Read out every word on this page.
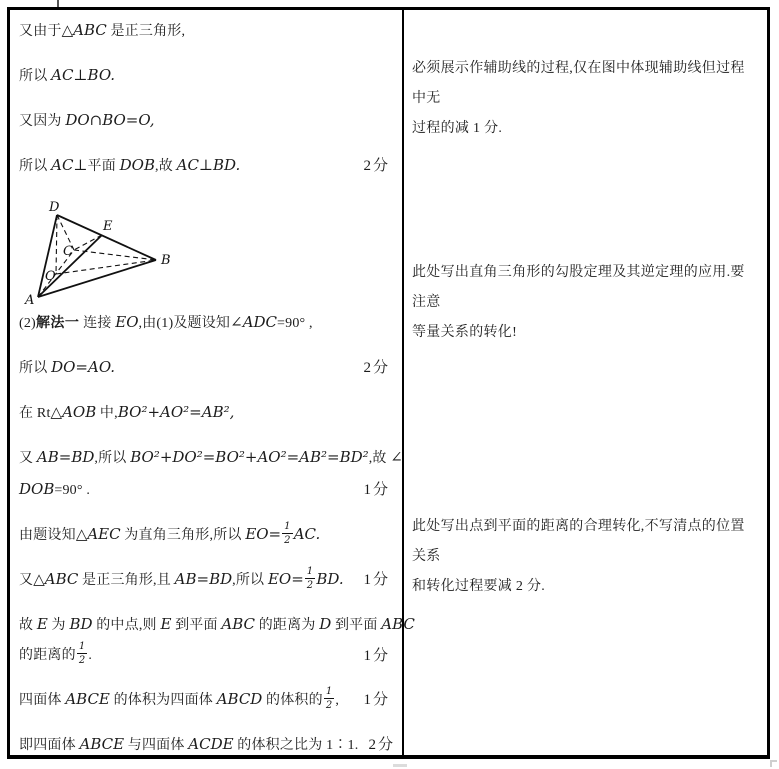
又由于△ABC 是正三角形,
所以 AC⊥BO.
又因为 DO∩BO=O,
所以 AC⊥平面 DOB,故 AC⊥BD.	2分
D
E
B
A
C
O
(2)解法一 连接 EO,由(1)及题设知∠ADC=90° ,
所以 DO=AO.	2分
在 Rt△AOB 中,BO²+AO²=AB²,
又 AB=BD,所以 BO²+DO²=BO²+AO²=AB²=BD²,故 ∠
DOB=90° .	1分
由题设知△AEC 为直角三角形,所以 $EO= \frac{1}{2}$ AC.
又△ABC 是正三角形,且 AB=BD,所以 $EO= \frac{1}{2}$ BD.	1分
故 E 为 BD 的中点,则 E 到平面 ABC 的距离为 D 到平面 ABC
的距离的 $\frac{1}{2}$ .	1分
四面体 ABCE 的体积为四面体 ABCD 的体积的 $\frac{1}{2}$ ,	1分
即四面体 ABCE 与四面体 ACDE 的体积之比为 1∶1. 2分
必须展示作辅助线的过程,仅在图中体现辅助线但过程中无
过程的减 1 分.
此处写出直角三角形的勾股定理及其逆定理的应用.要注意
等量关系的转化!
此处写出点到平面的距离的合理转化,不写清点的位置关系
和转化过程要减 2 分.
